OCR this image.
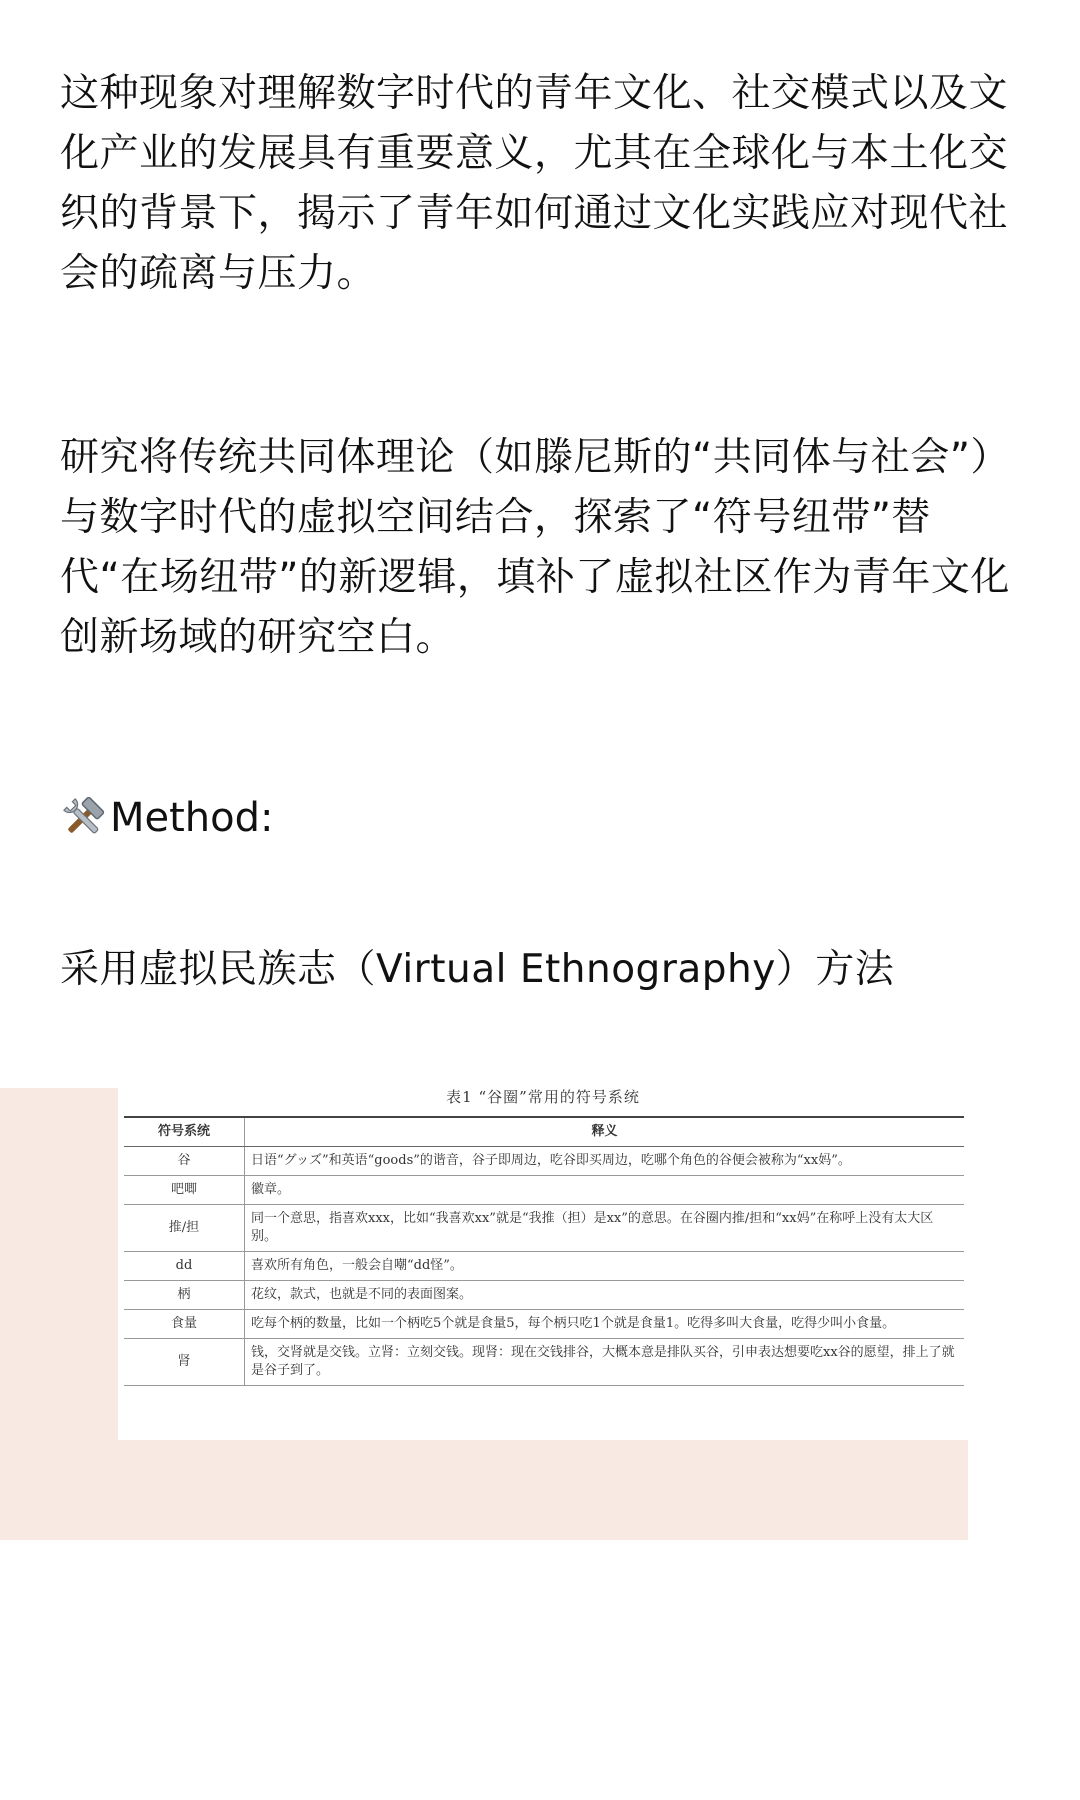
这种现象对理解数字时代的青年文化、社交模式以及文化产业的发展具有重要意义，尤其在全球化与本土化交织的背景下，揭示了青年如何通过文化实践应对现代社会的疏离与压力。

研究将传统共同体理论（如滕尼斯的“共同体与社会”）与数字时代的虚拟空间结合，探索了“符号纽带”替代“在场纽带”的新逻辑，填补了虚拟社区作为青年文化创新场域的研究空白。

Method:

采用虚拟民族志（Virtual Ethnography）方法

表1 “谷圈”常用的符号系统
符号系统	释义
谷	日语“グッズ”和英语“goods”的谐音，谷子即周边，吃谷即买周边，吃哪个角色的谷便会被称为“xx妈”。
吧唧	徽章。
推/担	同一个意思，指喜欢xxx，比如“我喜欢xx”就是“我推（担）是xx”的意思。在谷圈内推/担和“xx妈”在称呼上没有太大区别。
dd	喜欢所有角色，一般会自嘲“dd怪”。
柄	花纹，款式，也就是不同的表面图案。
食量	吃每个柄的数量，比如一个柄吃5个就是食量5，每个柄只吃1个就是食量1。吃得多叫大食量，吃得少叫小食量。
肾	钱，交肾就是交钱。立肾：立刻交钱。现肾：现在交钱排谷，大概本意是排队买谷，引申表达想要吃xx谷的愿望，排上了就是谷子到了。
